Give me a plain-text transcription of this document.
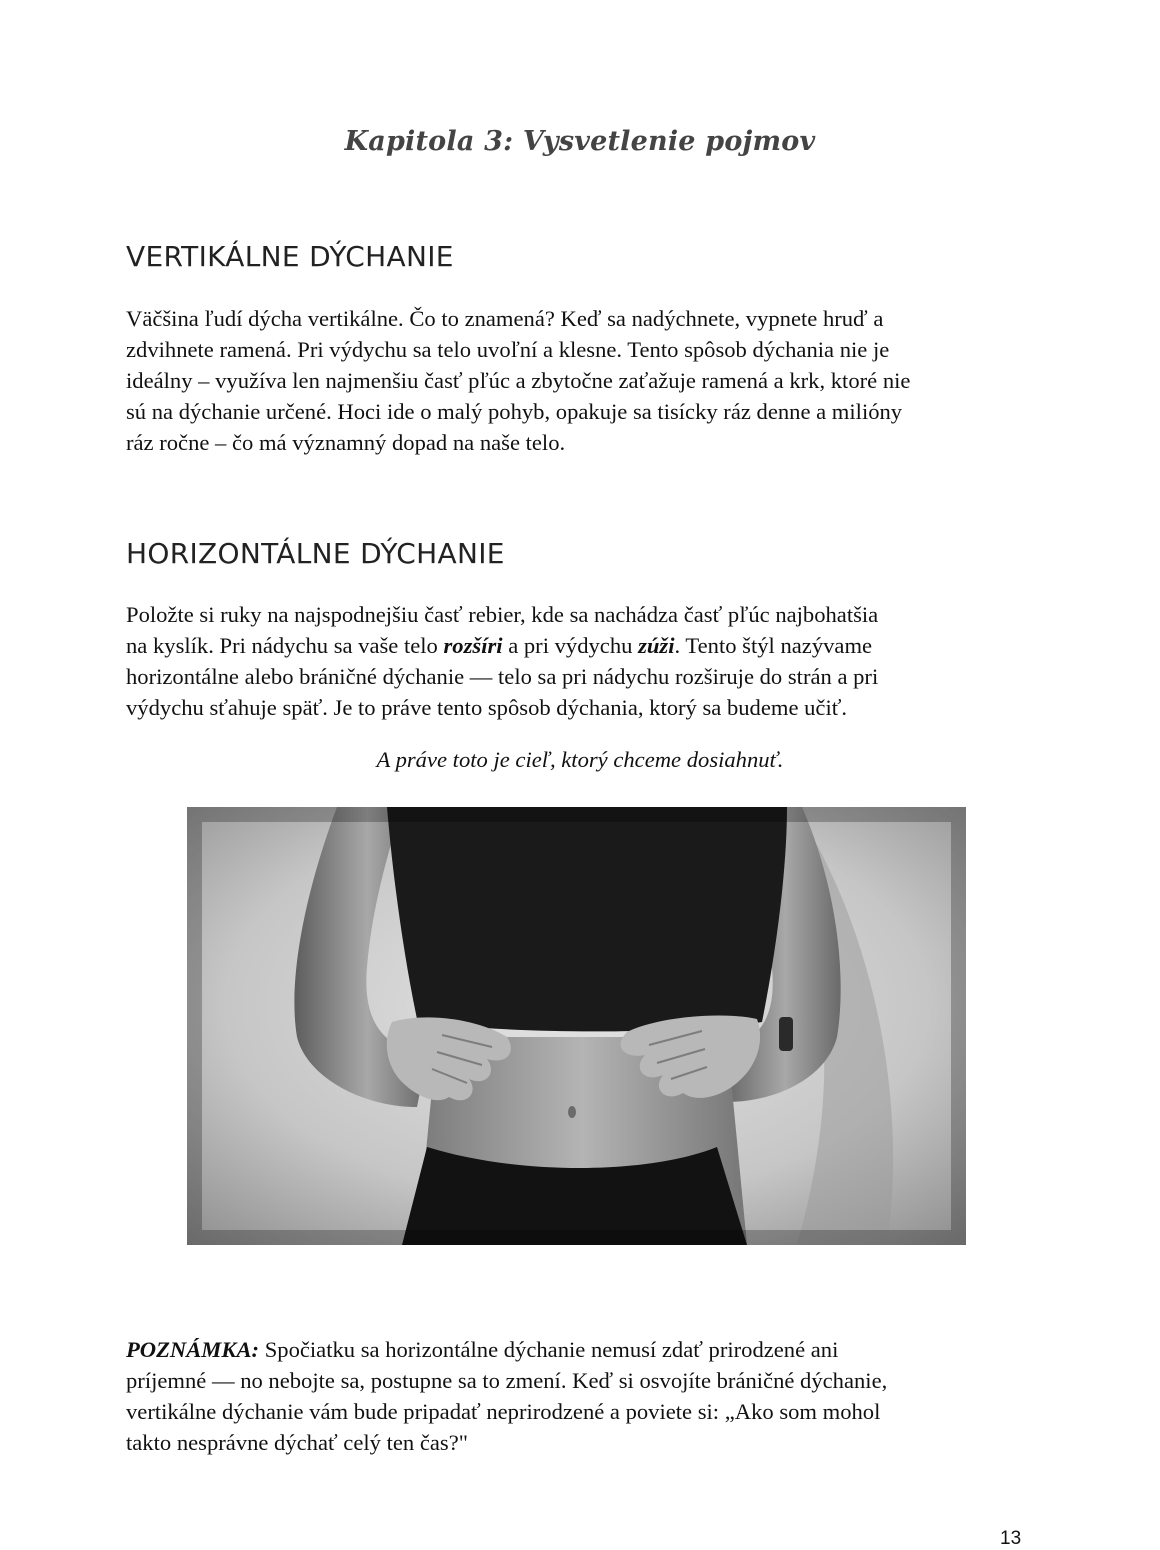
Kapitola 3: Vysvetlenie pojmov
VERTIKÁLNE DÝCHANIE

Väčšina ľudí dýcha vertikálne. Čo to znamená? Keď sa nadýchnete, vypnete hruď a
zdvihnete ramená. Pri výdychu sa telo uvoľní a klesne. Tento spôsob dýchania nie je
ideálny – využíva len najmenšiu časť pľúc a zbytočne zaťažuje ramená a krk, ktoré nie
sú na dýchanie určené. Hoci ide o malý pohyb, opakuje sa tisícky ráz denne a milióny
ráz ročne – čo má významný dopad na naše telo.

HORIZONTÁLNE DÝCHANIE

Položte si ruky na najspodnejšiu časť rebier, kde sa nachádza časť pľúc najbohatšia
na kyslík. Pri nádychu sa vaše telo rozšíri a pri výdychu zúži. Tento štýl nazývame
horizontálne alebo bráničné dýchanie — telo sa pri nádychu rozširuje do strán a pri
výdychu sťahuje späť. Je to práve tento spôsob dýchania, ktorý sa budeme učiť.

A práve toto je cieľ, ktorý chceme dosiahnuť.

POZNÁMKA: Spočiatku sa horizontálne dýchanie nemusí zdať prirodzené ani
príjemné — no nebojte sa, postupne sa to zmení. Keď si osvojíte bráničné dýchanie,
vertikálne dýchanie vám bude pripadať neprirodzené a poviete si: „Ako som mohol
takto nesprávne dýchať celý ten čas?"

13
